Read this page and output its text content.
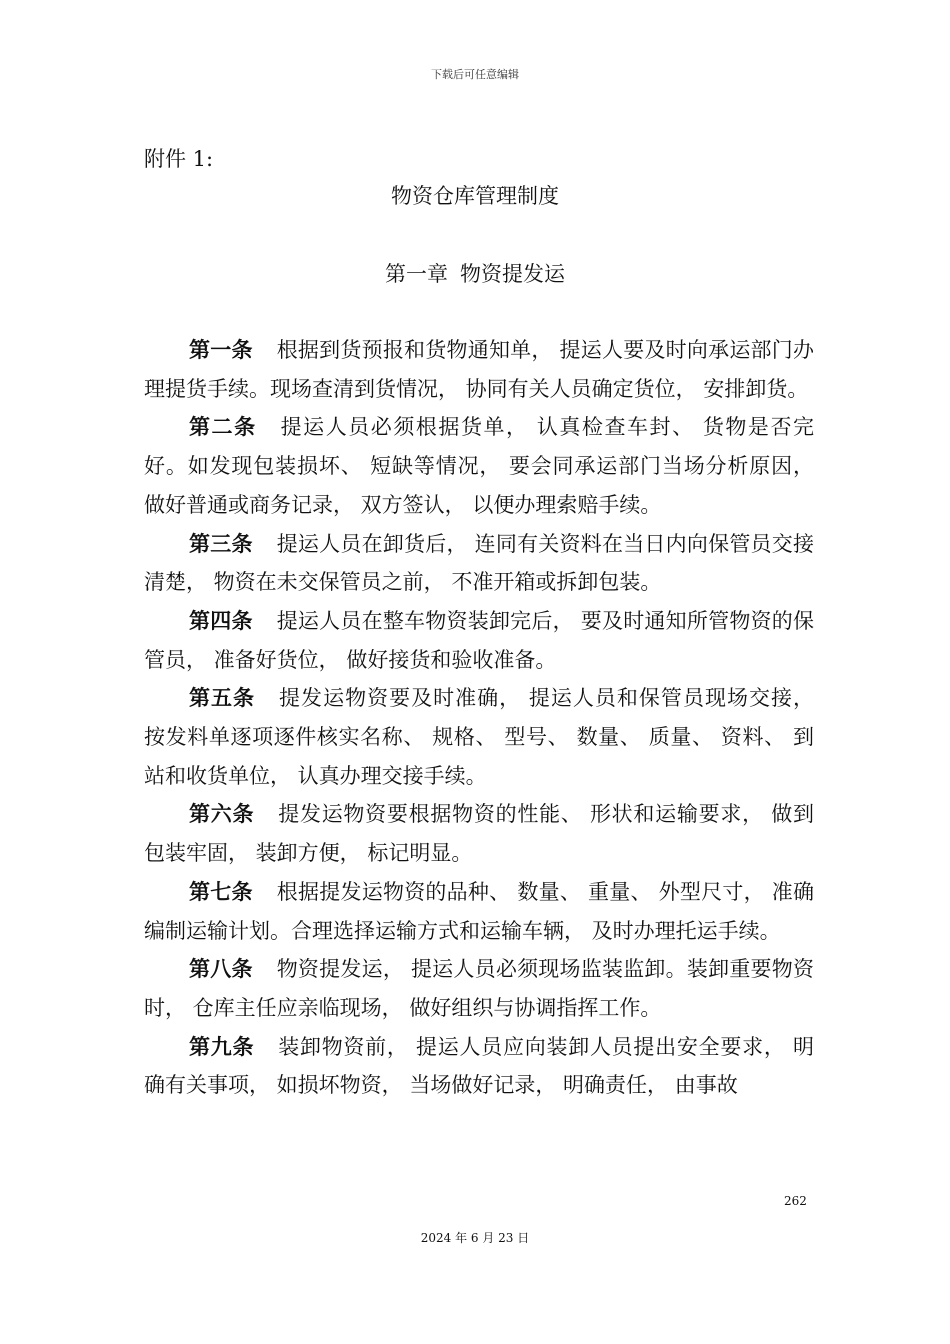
下载后可任意编辑
附件 1:
物资仓库管理制度
第一章 物资提发运

第一条 根据到货预报和货物通知单， 提运人要及时向承运部门办理提货手续。现场查清到货情况， 协同有关人员确定货位， 安排卸货。

第二条 提运人员必须根据货单， 认真检查车封、 货物是否完好。如发现包装损坏、 短缺等情况， 要会同承运部门当场分析原因， 做好普通或商务记录， 双方签认， 以便办理索赔手续。

第三条 提运人员在卸货后， 连同有关资料在当日内向保管员交接清楚， 物资在未交保管员之前， 不准开箱或拆卸包装。

第四条 提运人员在整车物资装卸完后， 要及时通知所管物资的保管员， 准备好货位， 做好接货和验收准备。

第五条 提发运物资要及时准确， 提运人员和保管员现场交接， 按发料单逐项逐件核实名称、 规格、 型号、 数量、 质量、 资料、 到站和收货单位， 认真办理交接手续。

第六条 提发运物资要根据物资的性能、 形状和运输要求， 做到包装牢固， 装卸方便， 标记明显。

第七条 根据提发运物资的品种、 数量、 重量、 外型尺寸， 准确编制运输计划。合理选择运输方式和运输车辆， 及时办理托运手续。

第八条 物资提发运， 提运人员必须现场监装监卸。装卸重要物资时， 仓库主任应亲临现场， 做好组织与协调指挥工作。

第九条 装卸物资前， 提运人员应向装卸人员提出安全要求， 明确有关事项， 如损坏物资， 当场做好记录， 明确责任， 由事故

262
2024 年 6 月 23 日
